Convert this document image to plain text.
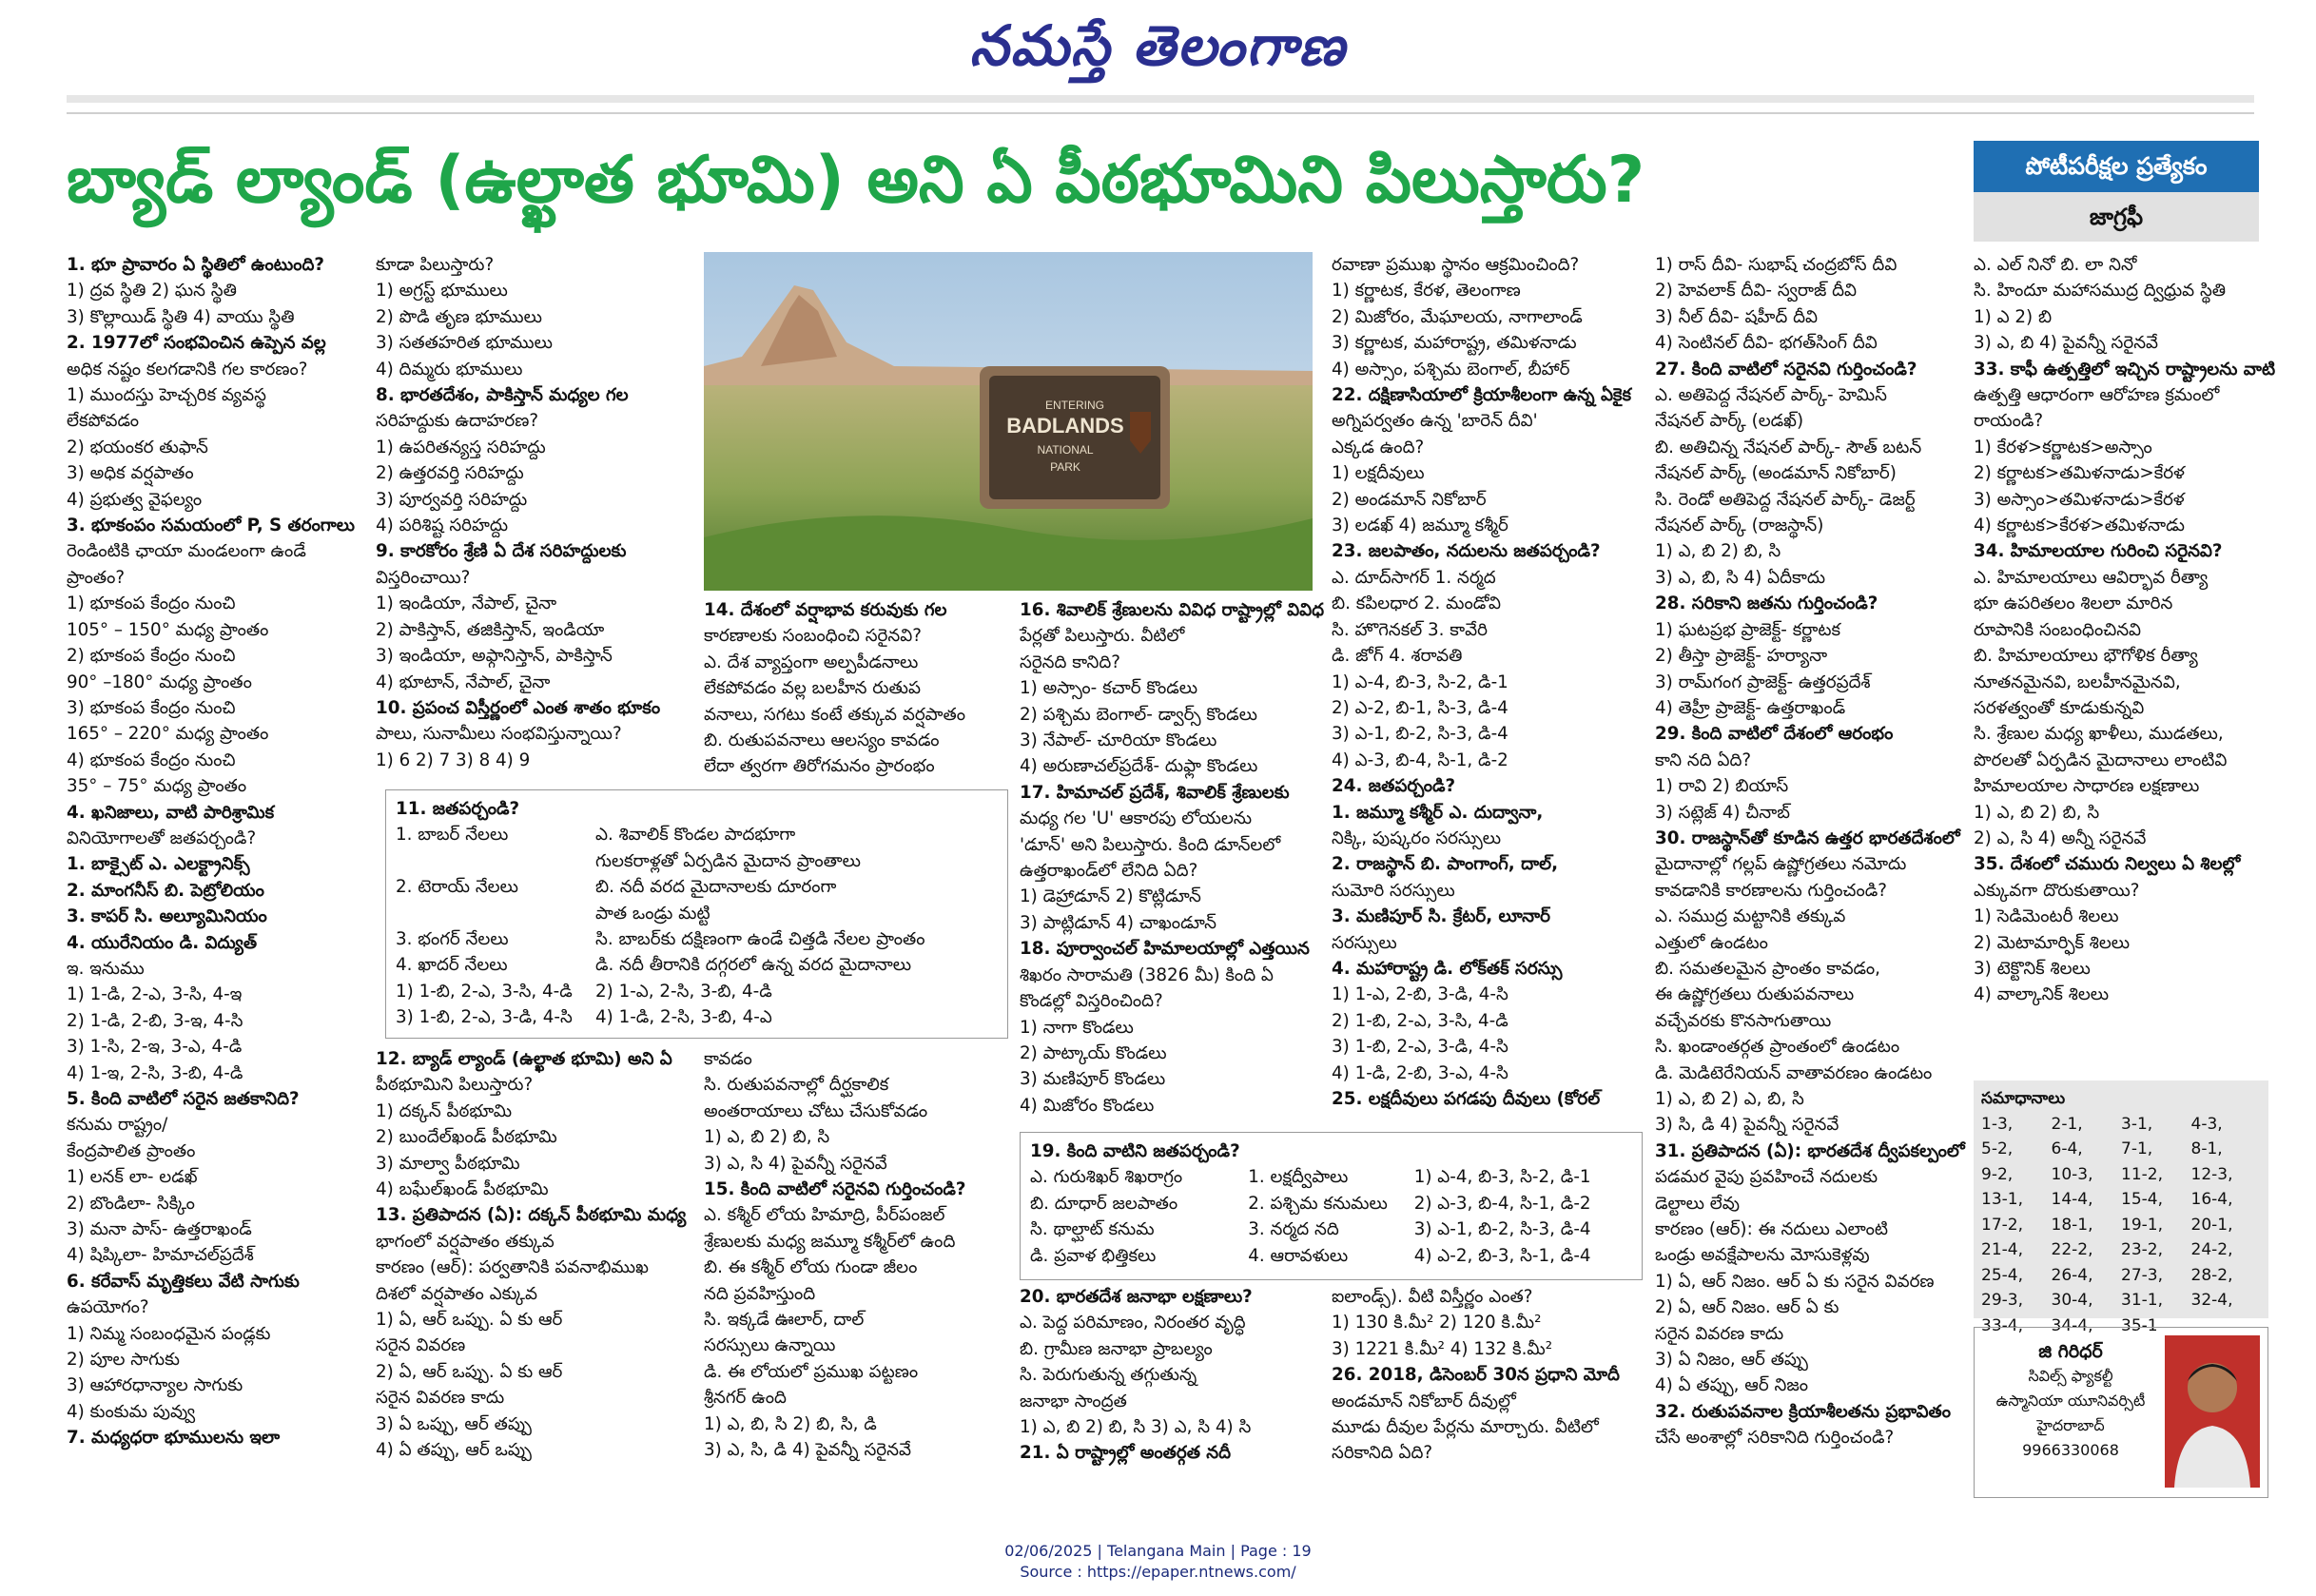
నమస్తే తెలంగాణ
బ్యాడ్ ల్యాండ్ (ఉల్ఖాత భూమి) అని ఏ పీఠభూమిని పిలుస్తారు?	పోటీపరీక్షల ప్రత్యేకం
జాగ్రఫీ

1. భూ ప్రావారం ఏ స్థితిలో ఉంటుంది?

1) ద్రవ స్థితి 2) ఘన స్థితి

3) కొల్లాయిడ్ స్థితి 4) వాయు స్థితి

2. 1977లో సంభవించిన ఉప్పెన వల్ల

అధిక నష్టం కలగడానికి గల కారణం?

1) ముందస్తు హెచ్చరిక వ్యవస్థ

లేకపోవడం

2) భయంకర తుఫాన్

3) అధిక వర్షపాతం

4) ప్రభుత్వ వైఫల్యం

3. భూకంపం సమయంలో P, S తరంగాలు

రెండింటికి ఛాయా మండలంగా ఉండే

ప్రాంతం?

1) భూకంప కేంద్రం నుంచి

105° – 150° మధ్య ప్రాంతం

2) భూకంప కేంద్రం నుంచి

90° –180° మధ్య ప్రాంతం

3) భూకంప కేంద్రం నుంచి

165° – 220° మధ్య ప్రాంతం

4) భూకంప కేంద్రం నుంచి

35° – 75° మధ్య ప్రాంతం

4. ఖనిజాలు, వాటి పారిశ్రామిక

వినియోగాలతో జతపర్చండి?

1. బాక్సైట్ ఎ. ఎలక్ట్రానిక్స్

2. మాంగనీస్ బి. పెట్రోలియం

3. కాపర్ సి. అల్యూమినియం

4. యురేనియం డి. విద్యుత్

ఇ. ఇనుము

1) 1-డి, 2-ఎ, 3-సి, 4-ఇ

2) 1-డి, 2-బి, 3-ఇ, 4-సి

3) 1-సి, 2-ఇ, 3-ఎ, 4-డి

4) 1-ఇ, 2-సి, 3-బి, 4-డి

5. కింది వాటిలో సరైన జతకానిది?

కనుమ రాష్ట్రం/

కేంద్రపాలిత ప్రాంతం

1) లనక్ లా- లడఖ్

2) బొండిలా- సిక్కిం

3) మనా పాస్- ఉత్తరాఖండ్

4) షిప్కిలా- హిమాచల్‌ప్రదేశ్

6. కరేవాస్ మృత్తికలు వేటి సాగుకు

ఉపయోగం?

1) నిమ్మ సంబంధమైన పండ్లకు

2) పూల సాగుకు

3) ఆహారధాన్యాల సాగుకు

4) కుంకుమ పువ్వు

7. మధ్యధరా భూములను ఇలా

కూడా పిలుస్తారు?

1) అగ్రస్ట్ భూములు

2) పొడి తృణ భూములు

3) సతతహరిత భూములు

4) దిమ్మరు భూములు

8. భారతదేశం, పాకిస్తాన్ మధ్యల గల

సరిహద్దుకు ఉదాహరణ?

1) ఉపరితన్యస్త సరిహద్దు

2) ఉత్తరవర్తి సరిహద్దు

3) పూర్వవర్తి సరిహద్దు

4) పరిశిష్ట సరిహద్దు

9. కారకోరం శ్రేణి ఏ దేశ సరిహద్దులకు

విస్తరించాయి?

1) ఇండియా, నేపాల్, చైనా

2) పాకిస్తాన్, తజికిస్తాన్, ఇండియా

3) ఇండియా, అఫ్గానిస్తాన్, పాకిస్తాన్

4) భూటాన్, నేపాల్, చైనా

10. ప్రపంచ విస్తీర్ణంలో ఎంత శాతం భూకం

పాలు, సునామీలు సంభవిస్తున్నాయి?

1) 6 2) 7 3) 8 4) 9

14. దేశంలో వర్షాభావ కరువుకు గల

కారణాలకు సంబంధించి సరైనవి?

ఎ. దేశ వ్యాప్తంగా అల్పపీడనాలు

లేకపోవడం వల్ల బలహీన రుతుప

వనాలు, సగటు కంటే తక్కువ వర్షపాతం

బి. రుతుపవనాలు ఆలస్యం కావడం

లేదా త్వరగా తిరోగమనం ప్రారంభం

16. శివాలిక్ శ్రేణులను వివిధ రాష్ట్రాల్లో వివిధ

పేర్లతో పిలుస్తారు. వీటిలో

సరైనది కానిది?

1) అస్సాం- కచార్ కొండలు

2) పశ్చిమ బెంగాల్- డ్వార్స్ కొండలు

3) నేపాల్- చూరియా కొండలు

4) అరుణాచల్‌ప్రదేశ్- దుఫ్లా కొండలు

17. హిమాచల్ ప్రదేశ్, శివాలిక్ శ్రేణులకు

మధ్య గల 'U' ఆకారపు లోయలను

'డూన్' అని పిలుస్తారు. కింది డూన్‌లలో

ఉత్తరాఖండ్‌లో లేనిది ఏది?

1) డెహ్రాడూన్ 2) కొట్లిడూన్

3) పాట్లిడూన్ 4) చాఖండూన్

18. పూర్వాంచల్ హిమాలయాల్లో ఎత్తయిన

శిఖరం సారామతి (3826 మీ) కింది ఏ

కొండల్లో విస్తరించింది?

1) నాగా కొండలు

2) పాట్కాయ్ కొండలు

3) మణిపూర్ కొండలు

4) మిజోరం కొండలు

రవాణా ప్రముఖ స్థానం ఆక్రమించింది?

1) కర్ణాటక, కేరళ, తెలంగాణ

2) మిజోరం, మేఘాలయ, నాగాలాండ్

3) కర్ణాటక, మహారాష్ట్ర, తమిళనాడు

4) అస్సాం, పశ్చిమ బెంగాల్, బీహార్

22. దక్షిణాసియాలో క్రియాశీలంగా ఉన్న ఏకైక

అగ్నిపర్వతం ఉన్న 'బారెన్ దీవి'

ఎక్కడ ఉంది?

1) లక్షదీవులు

2) అండమాన్ నికోబార్

3) లడఖ్ 4) జమ్మూ కశ్మీర్

23. జలపాతం, నదులను జతపర్చండి?

ఎ. దూద్‌సాగర్ 1. నర్మద

బి. కపిలధార 2. మండోవి

సి. హొగెనకల్ 3. కావేరి

డి. జోగ్ 4. శరావతి

1) ఎ-4, బి-3, సి-2, డి-1

2) ఎ-2, బి-1, సి-3, డి-4

3) ఎ-1, బి-2, సి-3, డి-4

4) ఎ-3, బి-4, సి-1, డి-2

24. జతపర్చండి?

1. జమ్మూ కశ్మీర్ ఎ. దుద్వానా,

నిక్కి, పుష్కరం సరస్సులు

2. రాజస్థాన్ బి. పాంగాంగ్, దాల్,

సుమోరి సరస్సులు

3. మణిపూర్ సి. క్రేటర్, లూనార్

సరస్సులు

4. మహారాష్ట్ర డి. లోక్‌తక్ సరస్సు

1) 1-ఎ, 2-బి, 3-డి, 4-సి

2) 1-బి, 2-ఎ, 3-సి, 4-డి

3) 1-బి, 2-ఎ, 3-డి, 4-సి

4) 1-డి, 2-బి, 3-ఎ, 4-సి

25. లక్షదీవులు పగడపు దీవులు (కోరల్

1) రాస్ దీవి- సుభాష్ చంద్రబోస్ దీవి

2) హెవలాక్ దీవి- స్వరాజ్ దీవి

3) నీల్ దీవి- షహీద్ దీవి

4) సెంటినల్ దీవి- భగత్‌సింగ్ దీవి

27. కింది వాటిలో సరైనవి గుర్తించండి?

ఎ. అతిపెద్ద నేషనల్ పార్క్- హెమిస్

నేషనల్ పార్క్ (లడఖ్)

బి. అతిచిన్న నేషనల్ పార్క్- సౌత్ బటన్

నేషనల్ పార్క్ (అండమాన్ నికోబార్)

సి. రెండో అతిపెద్ద నేషనల్ పార్క్- డెజర్ట్

నేషనల్ పార్క్ (రాజస్థాన్)

1) ఎ, బి 2) బి, సి

3) ఎ, బి, సి 4) ఏదీకాదు

28. సరికాని జతను గుర్తించండి?

1) ఘటప్రభ ప్రాజెక్ట్- కర్ణాటక

2) తీస్తా ప్రాజెక్ట్- హర్యానా

3) రామ్‌గంగ ప్రాజెక్ట్- ఉత్తరప్రదేశ్

4) తెహ్రీ ప్రాజెక్ట్- ఉత్తరాఖండ్

29. కింది వాటిలో దేశంలో ఆరంభం

కాని నది ఏది?

1) రావి 2) బియాస్

3) సట్లెజ్ 4) చీనాబ్

30. రాజస్థాన్‌తో కూడిన ఉత్తర భారతదేశంలో

మైదానాల్లో గల్లప్ ఉష్ణోగ్రతలు నమోదు

కావడానికి కారణాలను గుర్తించండి?

ఎ. సముద్ర మట్టానికి తక్కువ

ఎత్తులో ఉండటం

బి. సమతలమైన ప్రాంతం కావడం,

ఈ ఉష్ణోగ్రతలు రుతుపవనాలు

వచ్చేవరకు కొనసాగుతాయి

సి. ఖండాంతర్గత ప్రాంతంలో ఉండటం

డి. మెడిటెరేనియన్ వాతావరణం ఉండటం

1) ఎ, బి 2) ఎ, బి, సి

3) సి, డి 4) పైవన్నీ సరైనవే

31. ప్రతిపాదన (ఏ): భారతదేశ ద్వీపకల్పంలో

పడమర వైపు ప్రవహించే నదులకు

డెల్టాలు లేవు

కారణం (ఆర్): ఈ నదులు ఎలాంటి

ఒండ్రు అవక్షేపాలను మోసుకెళ్లవు

1) ఏ, ఆర్ నిజం. ఆర్ ఏ కు సరైన వివరణ

2) ఏ, ఆర్ నిజం. ఆర్ ఏ కు

సరైన వివరణ కాదు

3) ఏ నిజం, ఆర్ తప్పు

4) ఏ తప్పు, ఆర్ నిజం

32. రుతుపవనాల క్రియాశీలతను ప్రభావితం

చేసే అంశాల్లో సరికానిది గుర్తించండి?

ఎ. ఎల్ నినో బి. లా నినో

సి. హిందూ మహాసముద్ర ద్విధ్రువ స్థితి

1) ఎ 2) బి

3) ఎ, బి 4) పైవన్నీ సరైనవే

33. కాఫీ ఉత్పత్తిలో ఇచ్చిన రాష్ట్రాలను వాటి

ఉత్పత్తి ఆధారంగా ఆరోహణ క్రమంలో

రాయండి?

1) కేరళ>కర్ణాటక>అస్సాం

2) కర్ణాటక>తమిళనాడు>కేరళ

3) అస్సాం>తమిళనాడు>కేరళ

4) కర్ణాటక>కేరళ>తమిళనాడు

34. హిమాలయాల గురించి సరైనవి?

ఎ. హిమాలయాలు ఆవిర్భావ రీత్యా

భూ ఉపరితలం శిలలా మారిన

రూపానికి సంబంధించినవి

బి. హిమాలయాలు భౌగోళిక రీత్యా

నూతనమైనవి, బలహీనమైనవి,

సరళత్వంతో కూడుకున్నవి

సి. శ్రేణుల మధ్య ఖాళీలు, ముడతలు,

పొరలతో ఏర్పడిన మైదానాలు లాంటివి

హిమాలయాల సాధారణ లక్షణాలు

1) ఎ, బి 2) బి, సి

2) ఎ, సి 4) అన్నీ సరైనవే

35. దేశంలో చమురు నిల్వలు ఏ శిలల్లో

ఎక్కువగా దొరుకుతాయి?

1) సెడిమెంటరీ శిలలు

2) మెటామార్ఫిక్ శిలలు

3) టెక్టొనిక్ శిలలు

4) వాల్కానిక్ శిలలు

12. బ్యాడ్ ల్యాండ్ (ఉల్ఖాత భూమి) అని ఏ

పీఠభూమిని పిలుస్తారు?

1) దక్కన్ పీఠభూమి

2) బుందేల్‌ఖండ్ పీఠభూమి

3) మాల్వా పీఠభూమి

4) బఘేల్‌ఖండ్ పీఠభూమి

13. ప్రతిపాదన (ఏ): దక్కన్ పీఠభూమి మధ్య

భాగంలో వర్షపాతం తక్కువ

కారణం (ఆర్): పర్వతానికి పవనాభిముఖ

దిశలో వర్షపాతం ఎక్కువ

1) ఏ, ఆర్ ఒప్పు. ఏ కు ఆర్

సరైన వివరణ

2) ఏ, ఆర్ ఒప్పు. ఏ కు ఆర్

సరైన వివరణ కాదు

3) ఏ ఒప్పు, ఆర్ తప్పు

4) ఏ తప్పు, ఆర్ ఒప్పు

కావడం

సి. రుతుపవనాల్లో దీర్ఘకాలిక

అంతరాయాలు చోటు చేసుకోవడం

1) ఎ, బి 2) బి, సి

3) ఎ, సి 4) పైవన్నీ సరైనవే

15. కింది వాటిలో సరైనవి గుర్తించండి?

ఎ. కశ్మీర్ లోయ హిమాద్రి, పీర్‌పంజల్

శ్రేణులకు మధ్య జమ్మూ కశ్మీర్‌లో ఉంది

బి. ఈ కశ్మీర్ లోయ గుండా జీలం

నది ప్రవహిస్తుంది

సి. ఇక్కడే ఊలార్, దాల్

సరస్సులు ఉన్నాయి

డి. ఈ లోయలో ప్రముఖ పట్టణం

శ్రీనగర్ ఉంది

1) ఎ, బి, సి 2) బి, సి, డి

3) ఎ, సి, డి 4) పైవన్నీ సరైనవే

20. భారతదేశ జనాభా లక్షణాలు?

ఎ. పెద్ద పరిమాణం, నిరంతర వృద్ధి

బి. గ్రామీణ జనాభా ప్రాబల్యం

సి. పెరుగుతున్న తగ్గుతున్న

జనాభా సాంద్రత

1) ఎ, బి 2) బి, సి 3) ఎ, సి 4) సి

21. ఏ రాష్ట్రాల్లో అంతర్గత నదీ

ఐలాండ్స్). వీటి విస్తీర్ణం ఎంత?

1) 130 కి.మీ² 2) 120 కి.మీ²

3) 1221 కి.మీ² 4) 132 కి.మీ²

26. 2018, డిసెంబర్ 30న ప్రధాని మోదీ

అండమాన్ నికోబార్ దీవుల్లో

మూడు దీవుల పేర్లను మార్చారు. వీటిలో

సరికానిది ఏది?

ENTERING
BADLANDS
NATIONAL
PARK
11. జతపర్చండి?
1. బాబర్ నేలలు	ఎ. శివాలిక్ కొండల పాదభూగా
గులకరాళ్లతో ఏర్పడిన మైదాన ప్రాంతాలు
2. టెరాయ్ నేలలు	బి. నదీ వరద మైదానాలకు దూరంగా
పాత ఒండ్రు మట్టి
3. భంగర్ నేలలు	సి. బాబర్‌కు దక్షిణంగా ఉండే చిత్తడి నేలల ప్రాంతం
4. ఖాదర్ నేలలు	డి. నదీ తీరానికి దగ్గరలో ఉన్న వరద మైదానాలు
1) 1-బి, 2-ఎ, 3-సి, 4-డి	2) 1-ఎ, 2-సి, 3-బి, 4-డి
3) 1-బి, 2-ఎ, 3-డి, 4-సి	4) 1-డి, 2-సి, 3-బి, 4-ఎ
19. కింది వాటిని జతపర్చండి?
ఎ. గురుశిఖర్ శిఖరాగ్రం	1. లక్షద్వీపాలు	1) ఎ-4, బి-3, సి-2, డి-1
బి. దూధార్ జలపాతం	2. పశ్చిమ కనుమలు	2) ఎ-3, బి-4, సి-1, డి-2
సి. థాల్ఘాట్ కనుమ	3. నర్మద నది	3) ఎ-1, బి-2, సి-3, డి-4
డి. ప్రవాళ భిత్తికలు	4. ఆరావళులు	4) ఎ-2, బి-3, సి-1, డి-4
సమాధానాలు
1-3,	2-1,	3-1,	4-3,
5-2,	6-4,	7-1,	8-1,
9-2,	10-3,	11-2,	12-3,
13-1,	14-4,	15-4,	16-4,
17-2,	18-1,	19-1,	20-1,
21-4,	22-2,	23-2,	24-2,
25-4,	26-4,	27-3,	28-2,
29-3,	30-4,	31-1,	32-4,
33-4,	34-4,	35-1	
జి గిరిధర్
సివిల్స్ ఫ్యాకల్టీ
ఉస్మానియా యూనివర్సిటీ
హైదరాబాద్
9966330068
02/06/2025 | Telangana Main | Page : 19
Source : https://epaper.ntnews.com/
